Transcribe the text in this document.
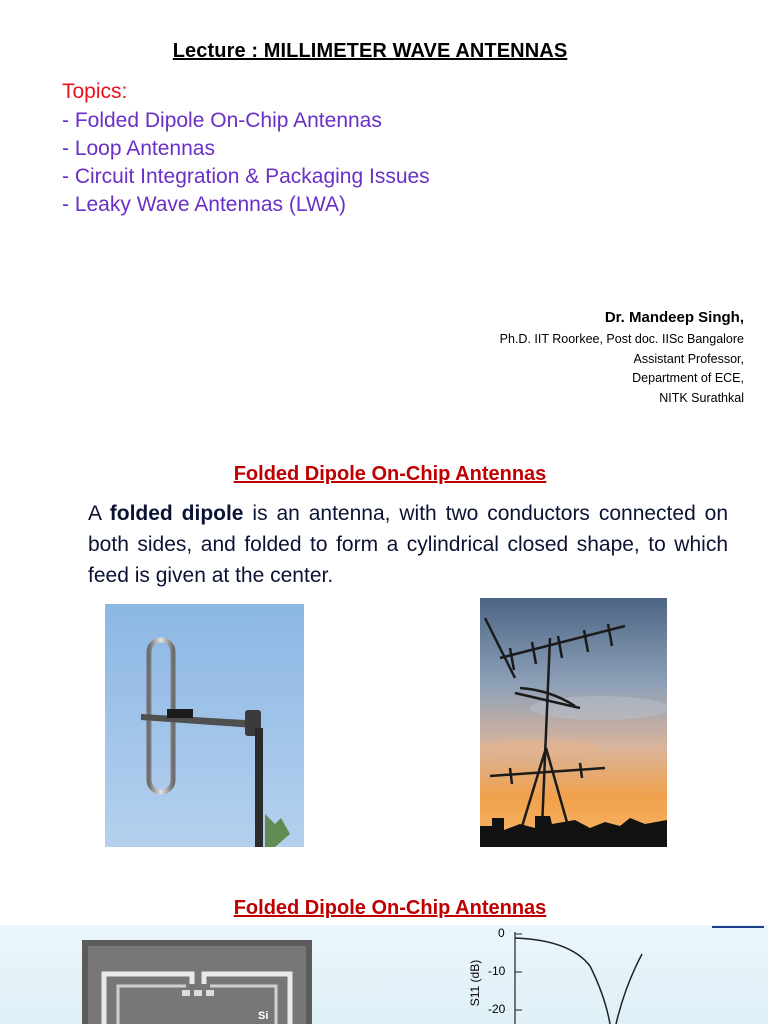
Lecture : MILLIMETER WAVE ANTENNAS
Topics:
- Folded Dipole On-Chip Antennas
- Loop Antennas
- Circuit Integration & Packaging Issues
- Leaky Wave Antennas (LWA)
Dr. Mandeep Singh,
Ph.D. IIT Roorkee, Post doc. IISc Bangalore
Assistant Professor,
Department of ECE,
NITK Surathkal
Folded Dipole On-Chip Antennas
A folded dipole is an antenna, with two conductors connected on both sides, and folded to form a cylindrical closed shape, to which feed is given at the center.
Folded Dipole On-Chip Antennas
Si
0
-10
-20
S11 (dB)
